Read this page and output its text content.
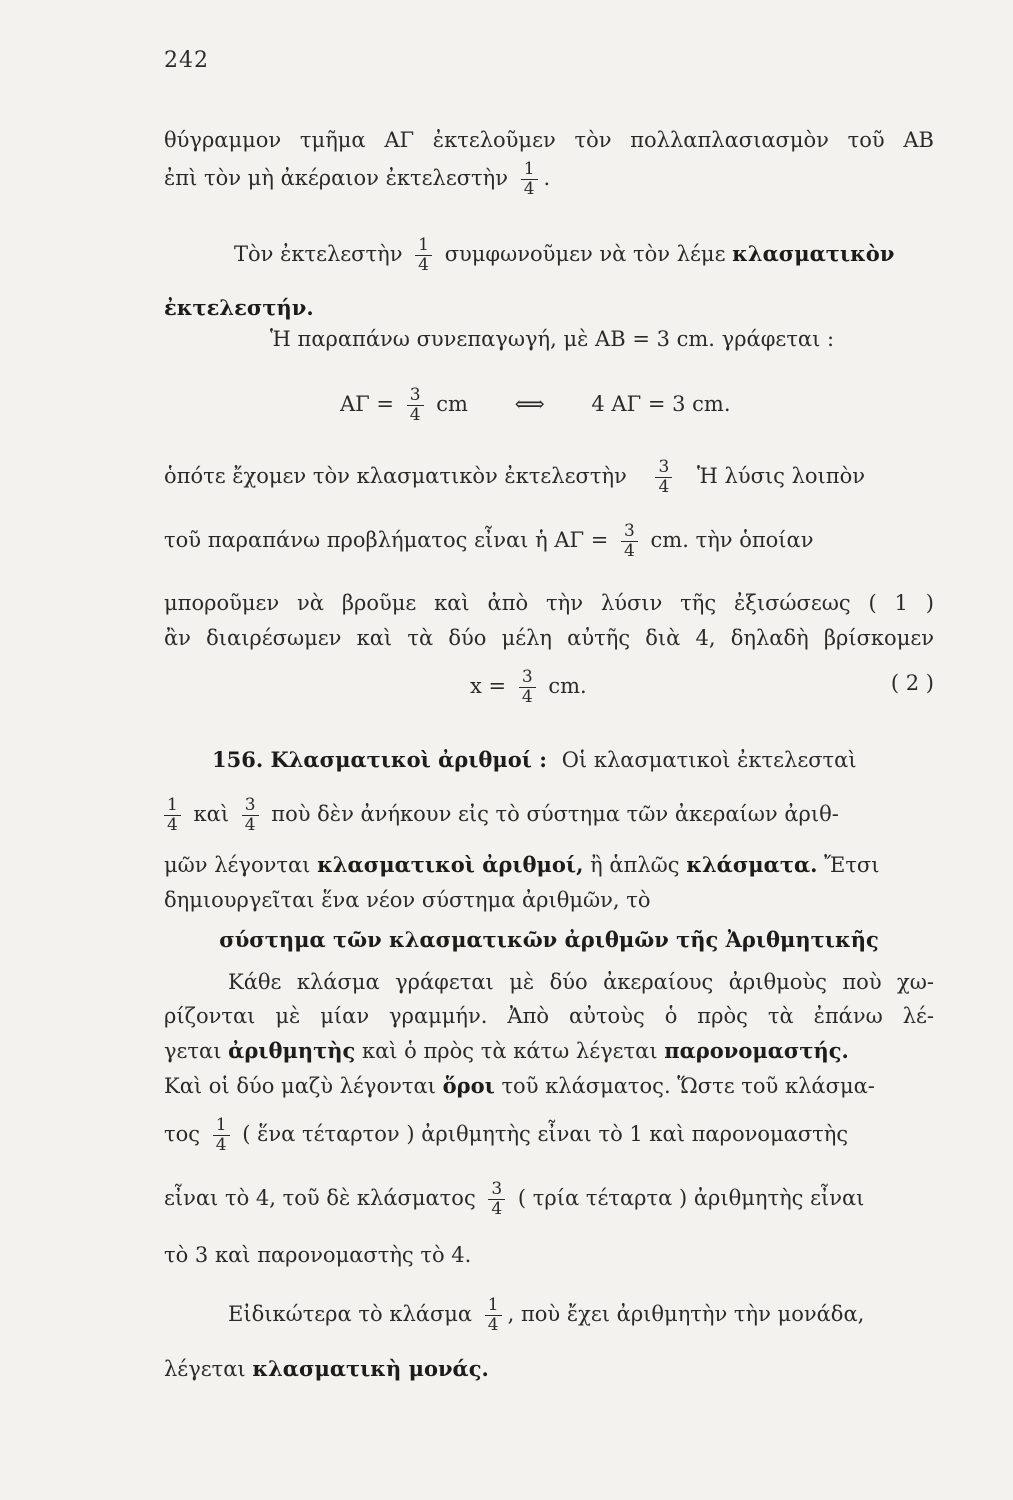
242
θύγραμμον τμῆμα ΑΓ ἐκτελοῦμεν τὸν πολλαπλασιασμὸν τοῦ ΑΒ
ἐπὶ τὸν μὴ ἀκέραιον ἐκτελεστὴν $\frac{1}{4}$ .
Τὸν ἐκτελεστὴν $\frac{1}{4}$ συμφωνοῦμεν νὰ τὸν λέμε κλασματικὸν
ἐκτελεστήν.
Ἡ παραπάνω συνεπαγωγή, μὲ ΑΒ = 3 cm. γράφεται :
$A\Gamma = \frac{3}{4}$ cm ⟺ 4 ΑΓ = 3 cm.
ὁπότε ἔχομεν τὸν κλασματικὸν ἐκτελεστὴν $\frac{3}{4}$ Ἡ λύσις λοιπὸν
τοῦ παραπάνω προβλήματος εἶναι ἡ $A\Gamma = \frac{3}{4}$ cm. τὴν ὁποίαν
μποροῦμεν νὰ βροῦμε καὶ ἀπὸ τὴν λύσιν τῆς ἐξισώσεως ( 1 )
ἂν διαιρέσωμεν καὶ τὰ δύο μέλη αὐτῆς διὰ 4, δηλαδὴ βρίσκομεν
$x = \frac{3}{4}$ cm.	( 2 )
156. Κλασματικοὶ ἀριθμοί : Οἱ κλασματικοὶ ἐκτελεσταὶ
$\frac{1}{4}$ καὶ $\frac{3}{4}$ ποὺ δὲν ἀνήκουν εἰς τὸ σύστημα τῶν ἀκεραίων ἀριθ-
μῶν λέγονται κλασματικοὶ ἀριθμοί, ἢ ἁπλῶς κλάσματα. Ἔτσι
δημιουργεῖται ἕνα νέον σύστημα ἀριθμῶν, τὸ
σύστημα τῶν κλασματικῶν ἀριθμῶν τῆς Ἀριθμητικῆς
Κάθε κλάσμα γράφεται μὲ δύο ἀκεραίους ἀριθμοὺς ποὺ χω-
ρίζονται μὲ μίαν γραμμήν. Ἀπὸ αὐτοὺς ὁ πρὸς τὰ ἐπάνω λέ-
γεται ἀριθμητὴς καὶ ὁ πρὸς τὰ κάτω λέγεται παρονομαστής.
Καὶ οἱ δύο μαζὺ λέγονται ὅροι τοῦ κλάσματος. Ὥστε τοῦ κλάσμα-
τος $\frac{1}{4}$ ( ἕνα τέταρτον ) ἀριθμητὴς εἶναι τὸ 1 καὶ παρονομαστὴς
εἶναι τὸ 4, τοῦ δὲ κλάσματος $\frac{3}{4}$ ( τρία τέταρτα ) ἀριθμητὴς εἶναι
τὸ 3 καὶ παρονομαστὴς τὸ 4.
Εἰδικώτερα τὸ κλάσμα $\frac{1}{4}$ , ποὺ ἔχει ἀριθμητὴν τὴν μονάδα,
λέγεται κλασματικὴ μονάς.
